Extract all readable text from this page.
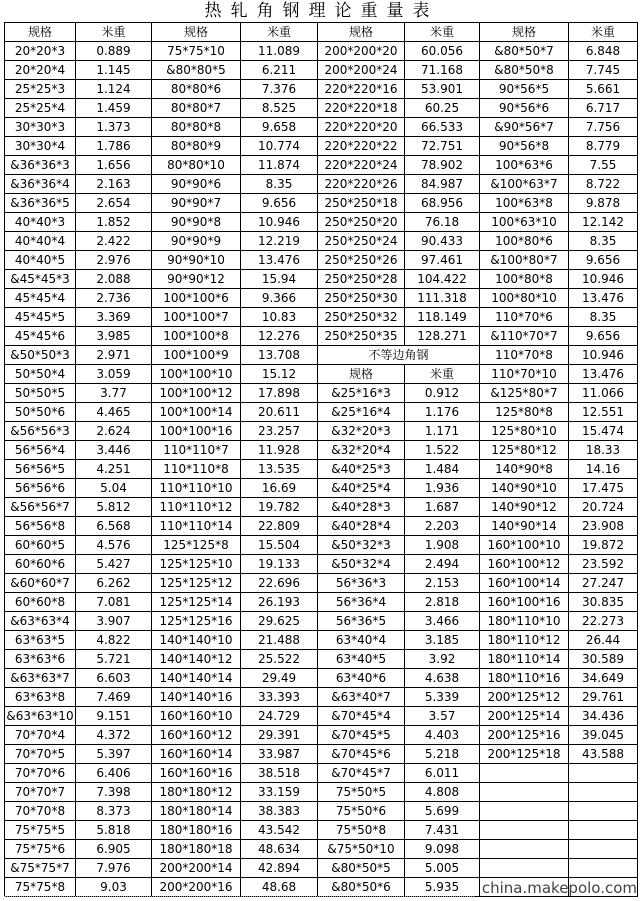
热轧角钢理论重量表
规格	米重	规格	米重	规格	米重	规格	米重
20*20*3	0.889	75*75*10	11.089	200*200*20	60.056	&80*50*7	6.848
20*20*4	1.145	&80*80*5	6.211	200*200*24	71.168	&80*50*8	7.745
25*25*3	1.124	80*80*6	7.376	220*220*16	53.901	90*56*5	5.661
25*25*4	1.459	80*80*7	8.525	220*220*18	60.25	90*56*6	6.717
30*30*3	1.373	80*80*8	9.658	220*220*20	66.533	&90*56*7	7.756
30*30*4	1.786	80*80*9	10.774	220*220*22	72.751	90*56*8	8.779
&36*36*3	1.656	80*80*10	11.874	220*220*24	78.902	100*63*6	7.55
&36*36*4	2.163	90*90*6	8.35	220*220*26	84.987	&100*63*7	8.722
&36*36*5	2.654	90*90*7	9.656	250*250*18	68.956	100*63*8	9.878
40*40*3	1.852	90*90*8	10.946	250*250*20	76.18	100*63*10	12.142
40*40*4	2.422	90*90*9	12.219	250*250*24	90.433	100*80*6	8.35
40*40*5	2.976	90*90*10	13.476	250*250*26	97.461	&100*80*7	9.656
&45*45*3	2.088	90*90*12	15.94	250*250*28	104.422	100*80*8	10.946
45*45*4	2.736	100*100*6	9.366	250*250*30	111.318	100*80*10	13.476
45*45*5	3.369	100*100*7	10.83	250*250*32	118.149	110*70*6	8.35
45*45*6	3.985	100*100*8	12.276	250*250*35	128.271	&110*70*7	9.656
&50*50*3	2.971	100*100*9	13.708	不等边角钢		110*70*8	10.946
50*50*4	3.059	100*100*10	15.12	规格	米重	110*70*10	13.476
50*50*5	3.77	100*100*12	17.898	&25*16*3	0.912	&125*80*7	11.066
50*50*6	4.465	100*100*14	20.611	&25*16*4	1.176	125*80*8	12.551
&56*56*3	2.624	100*100*16	23.257	&32*20*3	1.171	125*80*10	15.474
56*56*4	3.446	110*110*7	11.928	&32*20*4	1.522	125*80*12	18.33
56*56*5	4.251	110*110*8	13.535	&40*25*3	1.484	140*90*8	14.16
56*56*6	5.04	110*110*10	16.69	&40*25*4	1.936	140*90*10	17.475
&56*56*7	5.812	110*110*12	19.782	&40*28*3	1.687	140*90*12	20.724
56*56*8	6.568	110*110*14	22.809	&40*28*4	2.203	140*90*14	23.908
60*60*5	4.576	125*125*8	15.504	&50*32*3	1.908	160*100*10	19.872
60*60*6	5.427	125*125*10	19.133	&50*32*4	2.494	160*100*12	23.592
&60*60*7	6.262	125*125*12	22.696	56*36*3	2.153	160*100*14	27.247
60*60*8	7.081	125*125*14	26.193	56*36*4	2.818	160*100*16	30.835
&63*63*4	3.907	125*125*16	29.625	56*36*5	3.466	180*110*10	22.273
63*63*5	4.822	140*140*10	21.488	63*40*4	3.185	180*110*12	26.44
63*63*6	5.721	140*140*12	25.522	63*40*5	3.92	180*110*14	30.589
&63*63*7	6.603	140*140*14	29.49	63*40*6	4.638	180*110*16	34.649
63*63*8	7.469	140*140*16	33.393	&63*40*7	5.339	200*125*12	29.761
&63*63*10	9.151	160*160*10	24.729	&70*45*4	3.57	200*125*14	34.436
70*70*4	4.372	160*160*12	29.391	&70*45*5	4.403	200*125*16	39.045
70*70*5	5.397	160*160*14	33.987	&70*45*6	5.218	200*125*18	43.588
70*70*6	6.406	160*160*16	38.518	&70*45*7	6.011		
70*70*7	7.398	180*180*12	33.159	75*50*5	4.808		
70*70*8	8.373	180*180*14	38.383	75*50*6	5.699		
75*75*5	5.818	180*180*16	43.542	75*50*8	7.431		
75*75*6	6.905	180*180*18	48.634	&75*50*10	9.098		
&75*75*7	7.976	200*200*14	42.894	&80*50*5	5.005		
75*75*8	9.03	200*200*16	48.68	&80*50*6	5.935		china.makepolo.com
